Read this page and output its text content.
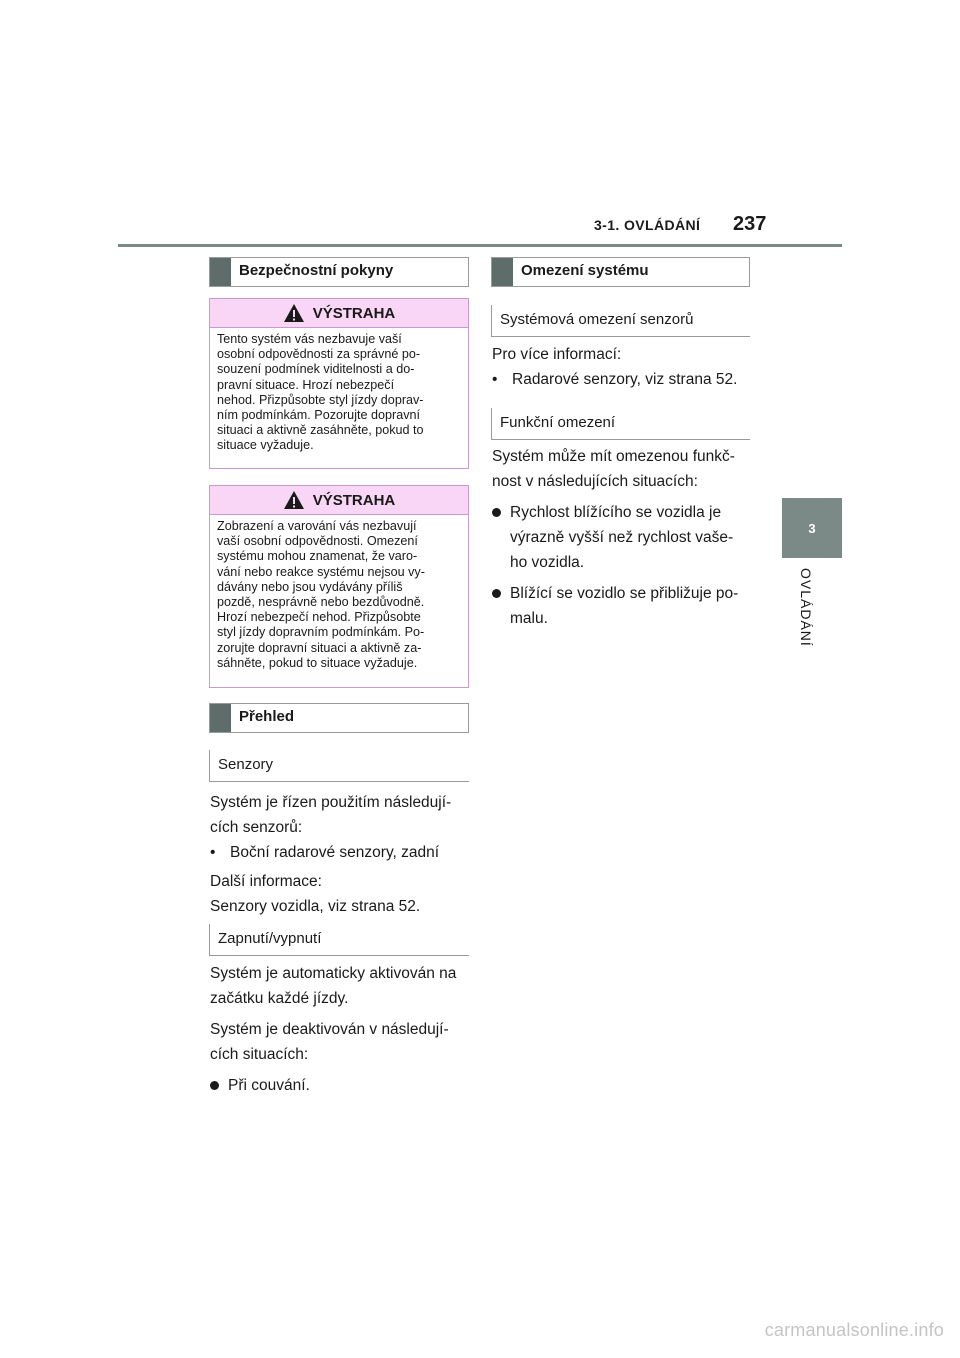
3-1. OVLÁDÁNÍ 237
3
OVLÁDÁNÍ
Bezpečnostní pokyny
VÝSTRAHA
Tento systém vás nezbavuje vaší
osobní odpovědnosti za správné po-
souzení podmínek viditelnosti a do-
pravní situace. Hrozí nebezpečí
nehod. Přizpůsobte styl jízdy doprav-
ním podmínkám. Pozorujte dopravní
situaci a aktivně zasáhněte, pokud to
situace vyžaduje.
VÝSTRAHA
Zobrazení a varování vás nezbavují
vaší osobní odpovědnosti. Omezení
systému mohou znamenat, že varo-
vání nebo reakce systému nejsou vy-
dávány nebo jsou vydávány příliš
pozdě, nesprávně nebo bezdůvodně.
Hrozí nebezpečí nehod. Přizpůsobte
styl jízdy dopravním podmínkám. Po-
zorujte dopravní situaci a aktivně za-
sáhněte, pokud to situace vyžaduje.
Přehled
Senzory

Systém je řízen použitím následují-

cích senzorů:

• Boční radarové senzory, zadní

Další informace:

Senzory vozidla, viz strana 52.

Zapnutí/vypnutí

Systém je automaticky aktivován na

začátku každé jízdy.

Systém je deaktivován v následují-

cích situacích:

Při couvání.
Omezení systému
Systémová omezení senzorů

Pro více informací:

• Radarové senzory, viz strana 52.
Funkční omezení

Systém může mít omezenou funkč-

nost v následujících situacích:

Rychlost blížícího se vozidla je
výrazně vyšší než rychlost vaše-
ho vozidla.
Blížící se vozidlo se přibližuje po-
malu.
carmanualsonline.info
